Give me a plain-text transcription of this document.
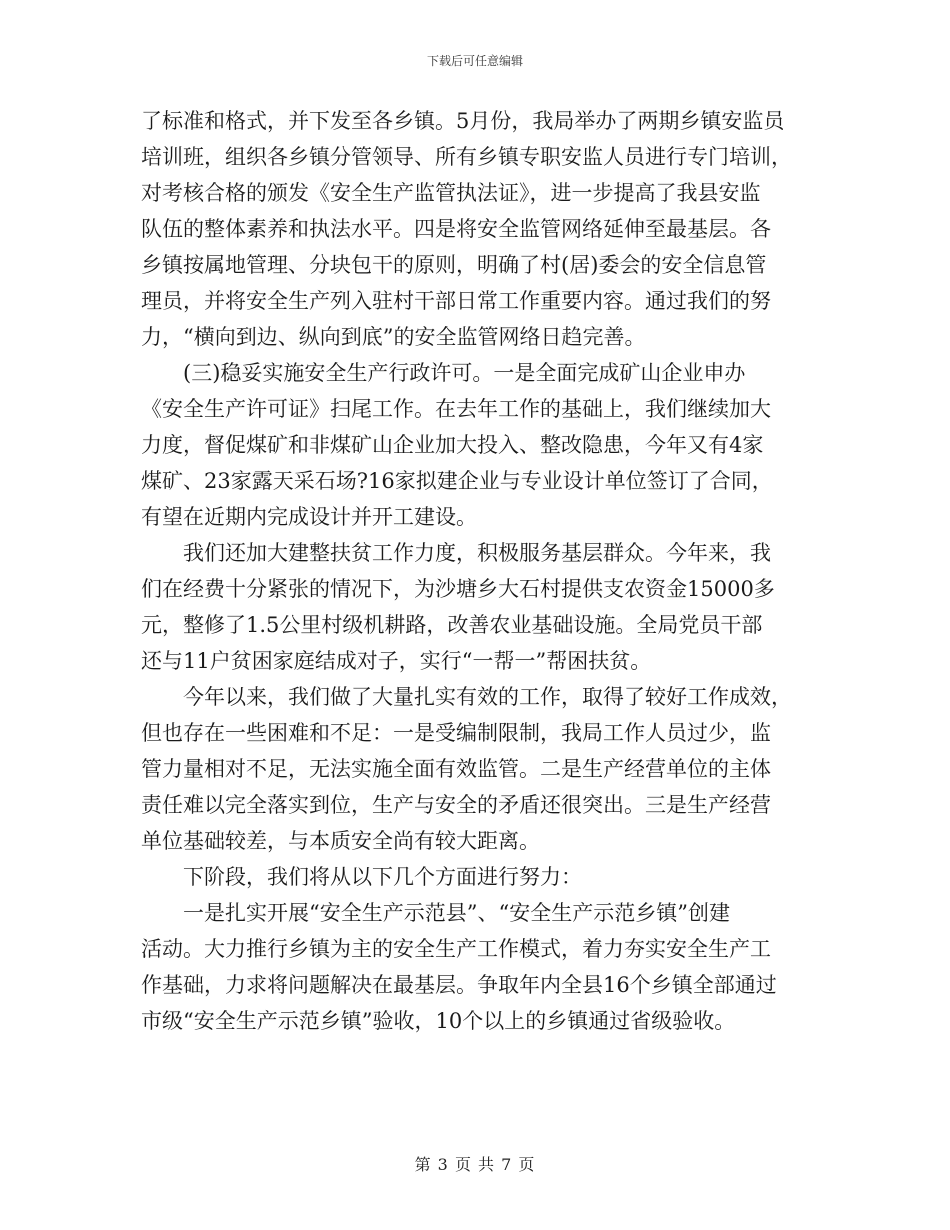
下载后可任意编辑
了标准和格式，并下发至各乡镇。5月份，我局举办了两期乡镇安监员
培训班，组织各乡镇分管领导、所有乡镇专职安监人员进行专门培训，
对考核合格的颁发《安全生产监管执法证》，进一步提高了我县安监
队伍的整体素养和执法水平。四是将安全监管网络延伸至最基层。各
乡镇按属地管理、分块包干的原则，明确了村(居)委会的安全信息管
理员，并将安全生产列入驻村干部日常工作重要内容。通过我们的努
力，“横向到边、纵向到底”的安全监管网络日趋完善。
　　(三)稳妥实施安全生产行政许可。一是全面完成矿山企业申办
《安全生产许可证》扫尾工作。在去年工作的基础上，我们继续加大
力度，督促煤矿和非煤矿山企业加大投入、整改隐患，今年又有4家
煤矿、23家露天采石场?16家拟建企业与专业设计单位签订了合同，
有望在近期内完成设计并开工建设。
　　我们还加大建整扶贫工作力度，积极服务基层群众。今年来，我
们在经费十分紧张的情况下，为沙塘乡大石村提供支农资金15000多
元，整修了1.5公里村级机耕路，改善农业基础设施。全局党员干部
还与11户贫困家庭结成对子，实行“一帮一”帮困扶贫。
　　今年以来，我们做了大量扎实有效的工作，取得了较好工作成效，
但也存在一些困难和不足：一是受编制限制，我局工作人员过少，监
管力量相对不足，无法实施全面有效监管。二是生产经营单位的主体
责任难以完全落实到位，生产与安全的矛盾还很突出。三是生产经营
单位基础较差，与本质安全尚有较大距离。
　　下阶段，我们将从以下几个方面进行努力：
　　一是扎实开展“安全生产示范县”、“安全生产示范乡镇”创建
活动。大力推行乡镇为主的安全生产工作模式，着力夯实安全生产工
作基础，力求将问题解决在最基层。争取年内全县16个乡镇全部通过
市级“安全生产示范乡镇”验收，10个以上的乡镇通过省级验收。
第 3 页 共 7 页
